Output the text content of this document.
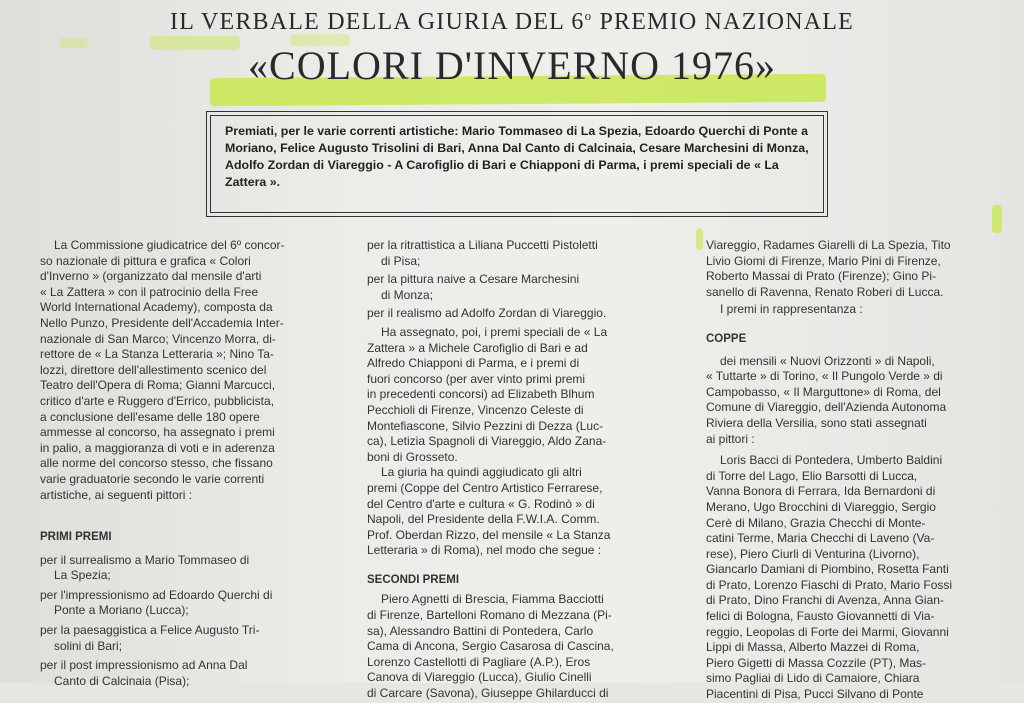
IL VERBALE DELLA GIURIA DEL 6$^o$ PREMIO NAZIONALE
«COLORI D'INVERNO 1976»
Premiati, per le varie correnti artistiche: Mario Tommaseo di La Spezia, Edoardo Querchi di Ponte a Moriano, Felice Augusto Trisolini di Bari, Anna Dal Canto di Calcinaia, Cesare Marchesini di Monza, Adolfo Zordan di Viareggio - A Carofiglio di Bari e Chiapponi di Parma, i premi speciali de « La Zattera ».
La Commissione giudicatrice del 6º concor-
so nazionale di pittura e grafica « Colori
d'Inverno » (organizzato dal mensile d'arti
« La Zattera » con il patrocinio della Free
World International Academy), composta da
Nello Punzo, Presidente dell'Accademia Inter-
nazionale di San Marco; Vincenzo Morra, di-
rettore de « La Stanza Letteraria »; Nino Ta-
lozzi, direttore dell'allestimento scenico del
Teatro dell'Opera di Roma; Gianni Marcucci,
critico d'arte e Ruggero d'Errico, pubblicista,
a conclusione dell'esame delle 180 opere
ammesse al concorso, ha assegnato i premi
in palio, a maggioranza di voti e in aderenza
alle norme del concorso stesso, che fissano
varie graduatorie secondo le varie correnti
artistiche, ai seguenti pittori :
PRIMI PREMI
per il surrealismo a Mario Tommaseo di
La Spezia;
per l'impressionismo ad Edoardo Querchi di
Ponte a Moriano (Lucca);
per la paesaggistica a Felice Augusto Tri-
solini di Bari;
per il post impressionismo ad Anna Dal
Canto di Calcinaia (Pisa);
per la ritrattistica a Liliana Puccetti Pistoletti
di Pisa;
per la pittura naive a Cesare Marchesini
di Monza;
per il realismo ad Adolfo Zordan di Viareggio.
Ha assegnato, poi, i premi speciali de « La
Zattera » a Michele Carofiglio di Bari e ad
Alfredo Chiapponi di Parma, e i premi di
fuori concorso (per aver vinto primi premi
in precedenti concorsi) ad Elizabeth Blhum
Pecchioli di Firenze, Vincenzo Celeste di
Montefiascone, Silvio Pezzini di Dezza (Luc-
ca), Letizia Spagnoli di Viareggio, Aldo Zana-
boni di Grosseto.
La giuria ha quindi aggiudicato gli altri
premi (Coppe del Centro Artistico Ferrarese,
del Centro d'arte e cultura « G. Rodinò » di
Napoli, del Presidente della F.W.I.A. Comm.
Prof. Oberdan Rizzo, del mensile « La Stanza
Letteraria » di Roma), nel modo che segue :
SECONDI PREMI
Piero Agnetti di Brescia, Fiamma Bacciotti
di Firenze, Bartelloni Romano di Mezzana (Pi-
sa), Alessandro Battini di Pontedera, Carlo
Cama di Ancona, Sergio Casarosa di Cascina,
Lorenzo Castellotti di Pagliare (A.P.), Eros
Canova di Viareggio (Lucca), Giulio Cinelli
di Carcare (Savona), Giuseppe Ghilarducci di
Viareggio, Radames Giarelli di La Spezia, Tito
Livio Giomi di Firenze, Mario Pini di Firenze,
Roberto Massai di Prato (Firenze); Gino Pi-
sanello di Ravenna, Renato Roberi di Lucca.
I premi in rappresentanza :
COPPE
dei mensili « Nuovi Orizzonti » di Napoli,
« Tuttarte » di Torino, « Il Pungolo Verde » di
Campobasso, « Il Marguttone» di Roma, del
Comune di Viareggio, dell'Azienda Autonoma
Riviera della Versilia, sono stati assegnati
ai pittori :
Loris Bacci di Pontedera, Umberto Baldini
di Torre del Lago, Elio Barsotti di Lucca,
Vanna Bonora di Ferrara, Ida Bernardoni di
Merano, Ugo Brocchini di Viareggio, Sergio
Cerè di Milano, Grazia Checchi di Monte-
catini Terme, Maria Checchi di Laveno (Va-
rese), Piero Ciurli di Venturina (Livorno),
Giancarlo Damiani di Piombino, Rosetta Fanti
di Prato, Lorenzo Fiaschi di Prato, Mario Fossi
di Prato, Dino Franchi di Avenza, Anna Gian-
felici di Bologna, Fausto Giovannetti di Via-
reggio, Leopolas di Forte dei Marmi, Giovanni
Lippi di Massa, Alberto Mazzei di Roma,
Piero Gigetti di Massa Cozzile (PT), Mas-
simo Pagliai di Lido di Camaiore, Chiara
Piacentini di Pisa, Pucci Silvano di Ponte
